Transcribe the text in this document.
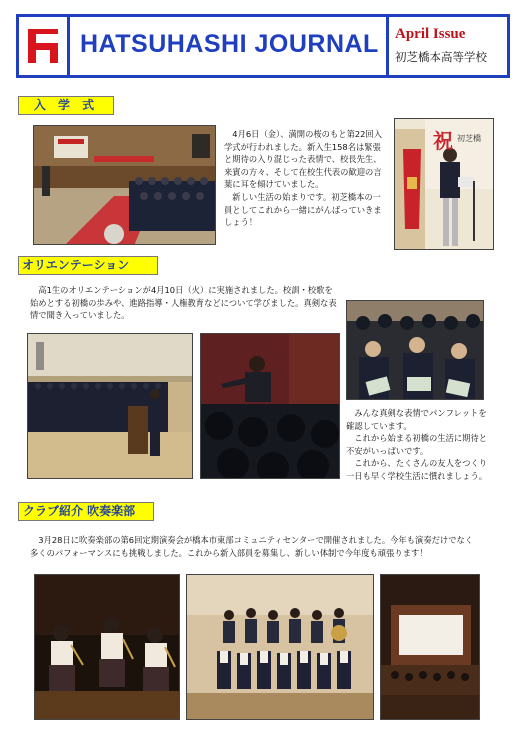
HATSUHASHI JOURNAL April Issue
初芝橋本高等学校
入 学 式
　4月6日（金）、満開の桜のもと第22回入学式が行われました。新入生158名は緊張と期待の入り混じった表情で、校長先生、来賓の方々、そして在校生代表の歓迎の言葉に耳を傾けていました。
　新しい生活の始まりです。初芝橋本の一員としてこれから一緒にがんばっていきましょう！
祝 初芝橋
オリエンテーション
　高1生のオリエンテーションが4月10日（火）に実施されました。校訓・校歌を始めとする初橋の歩みや、進路指導・人権教育などについて学びました。真剣な表情で聞き入っていました。
　みんな真剣な表情でパンフレットを確認しています。
　これから始まる初橋の生活に期待と不安がいっぱいです。
　これから、たくさんの友人をつくり一日も早く学校生活に慣れましょう。
クラブ紹介 吹奏楽部
　3月28日に吹奏楽部の第6回定期演奏会が橋本市東部コミュニティセンターで開催されました。今年も演奏だけでなく多くのパフォーマンスにも挑戦しました。これから新入部員を募集し、新しい体制で今年度も頑張ります！
